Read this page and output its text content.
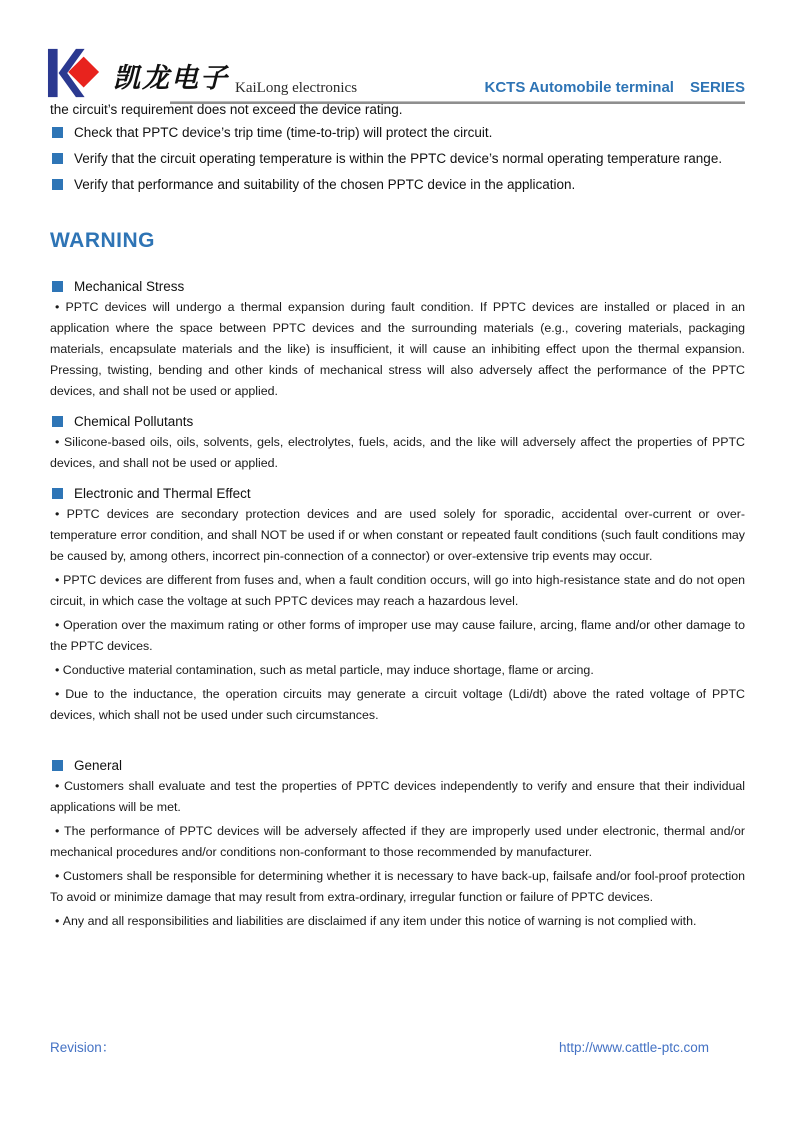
凯龙电子 KaiLong electronics	KCTS Automobile terminal SERIES

the circuit’s requirement does not exceed the device rating.

Check that PPTC device’s trip time (time-to-trip) will protect the circuit.
Verify that the circuit operating temperature is within the PPTC device’s normal operating temperature range.
Verify that performance and suitability of the chosen PPTC device in the application.
WARNING
Mechanical Stress

• PPTC devices will undergo a thermal expansion during fault condition. If PPTC devices are installed or placed in an application where the space between PPTC devices and the surrounding materials (e.g., covering materials, packaging materials, encapsulate materials and the like) is insufficient, it will cause an inhibiting effect upon the thermal expansion. Pressing, twisting, bending and other kinds of mechanical stress will also adversely affect the performance of the PPTC devices, and shall not be used or applied.

Chemical Pollutants

• Silicone-based oils, oils, solvents, gels, electrolytes, fuels, acids, and the like will adversely affect the properties of PPTC devices, and shall not be used or applied.

Electronic and Thermal Effect

• PPTC devices are secondary protection devices and are used solely for sporadic, accidental over-current or over-temperature error condition, and shall NOT be used if or when constant or repeated fault conditions (such fault conditions may be caused by, among others, incorrect pin-connection of a connector) or over-extensive trip events may occur.

• PPTC devices are different from fuses and, when a fault condition occurs, will go into high-resistance state and do not open circuit, in which case the voltage at such PPTC devices may reach a hazardous level.

• Operation over the maximum rating or other forms of improper use may cause failure, arcing, flame and/or other damage to the PPTC devices.

• Conductive material contamination, such as metal particle, may induce shortage, flame or arcing.

• Due to the inductance, the operation circuits may generate a circuit voltage (Ldi/dt) above the rated voltage of PPTC devices, which shall not be used under such circumstances.

General

• Customers shall evaluate and test the properties of PPTC devices independently to verify and ensure that their individual applications will be met.

• The performance of PPTC devices will be adversely affected if they are improperly used under electronic, thermal and/or mechanical procedures and/or conditions non-conformant to those recommended by manufacturer.

• Customers shall be responsible for determining whether it is necessary to have back-up, failsafe and/or fool-proof protection To avoid or minimize damage that may result from extra-ordinary, irregular function or failure of PPTC devices.

• Any and all responsibilities and liabilities are disclaimed if any item under this notice of warning is not complied with.

Revision：	http://www.cattle-ptc.com
